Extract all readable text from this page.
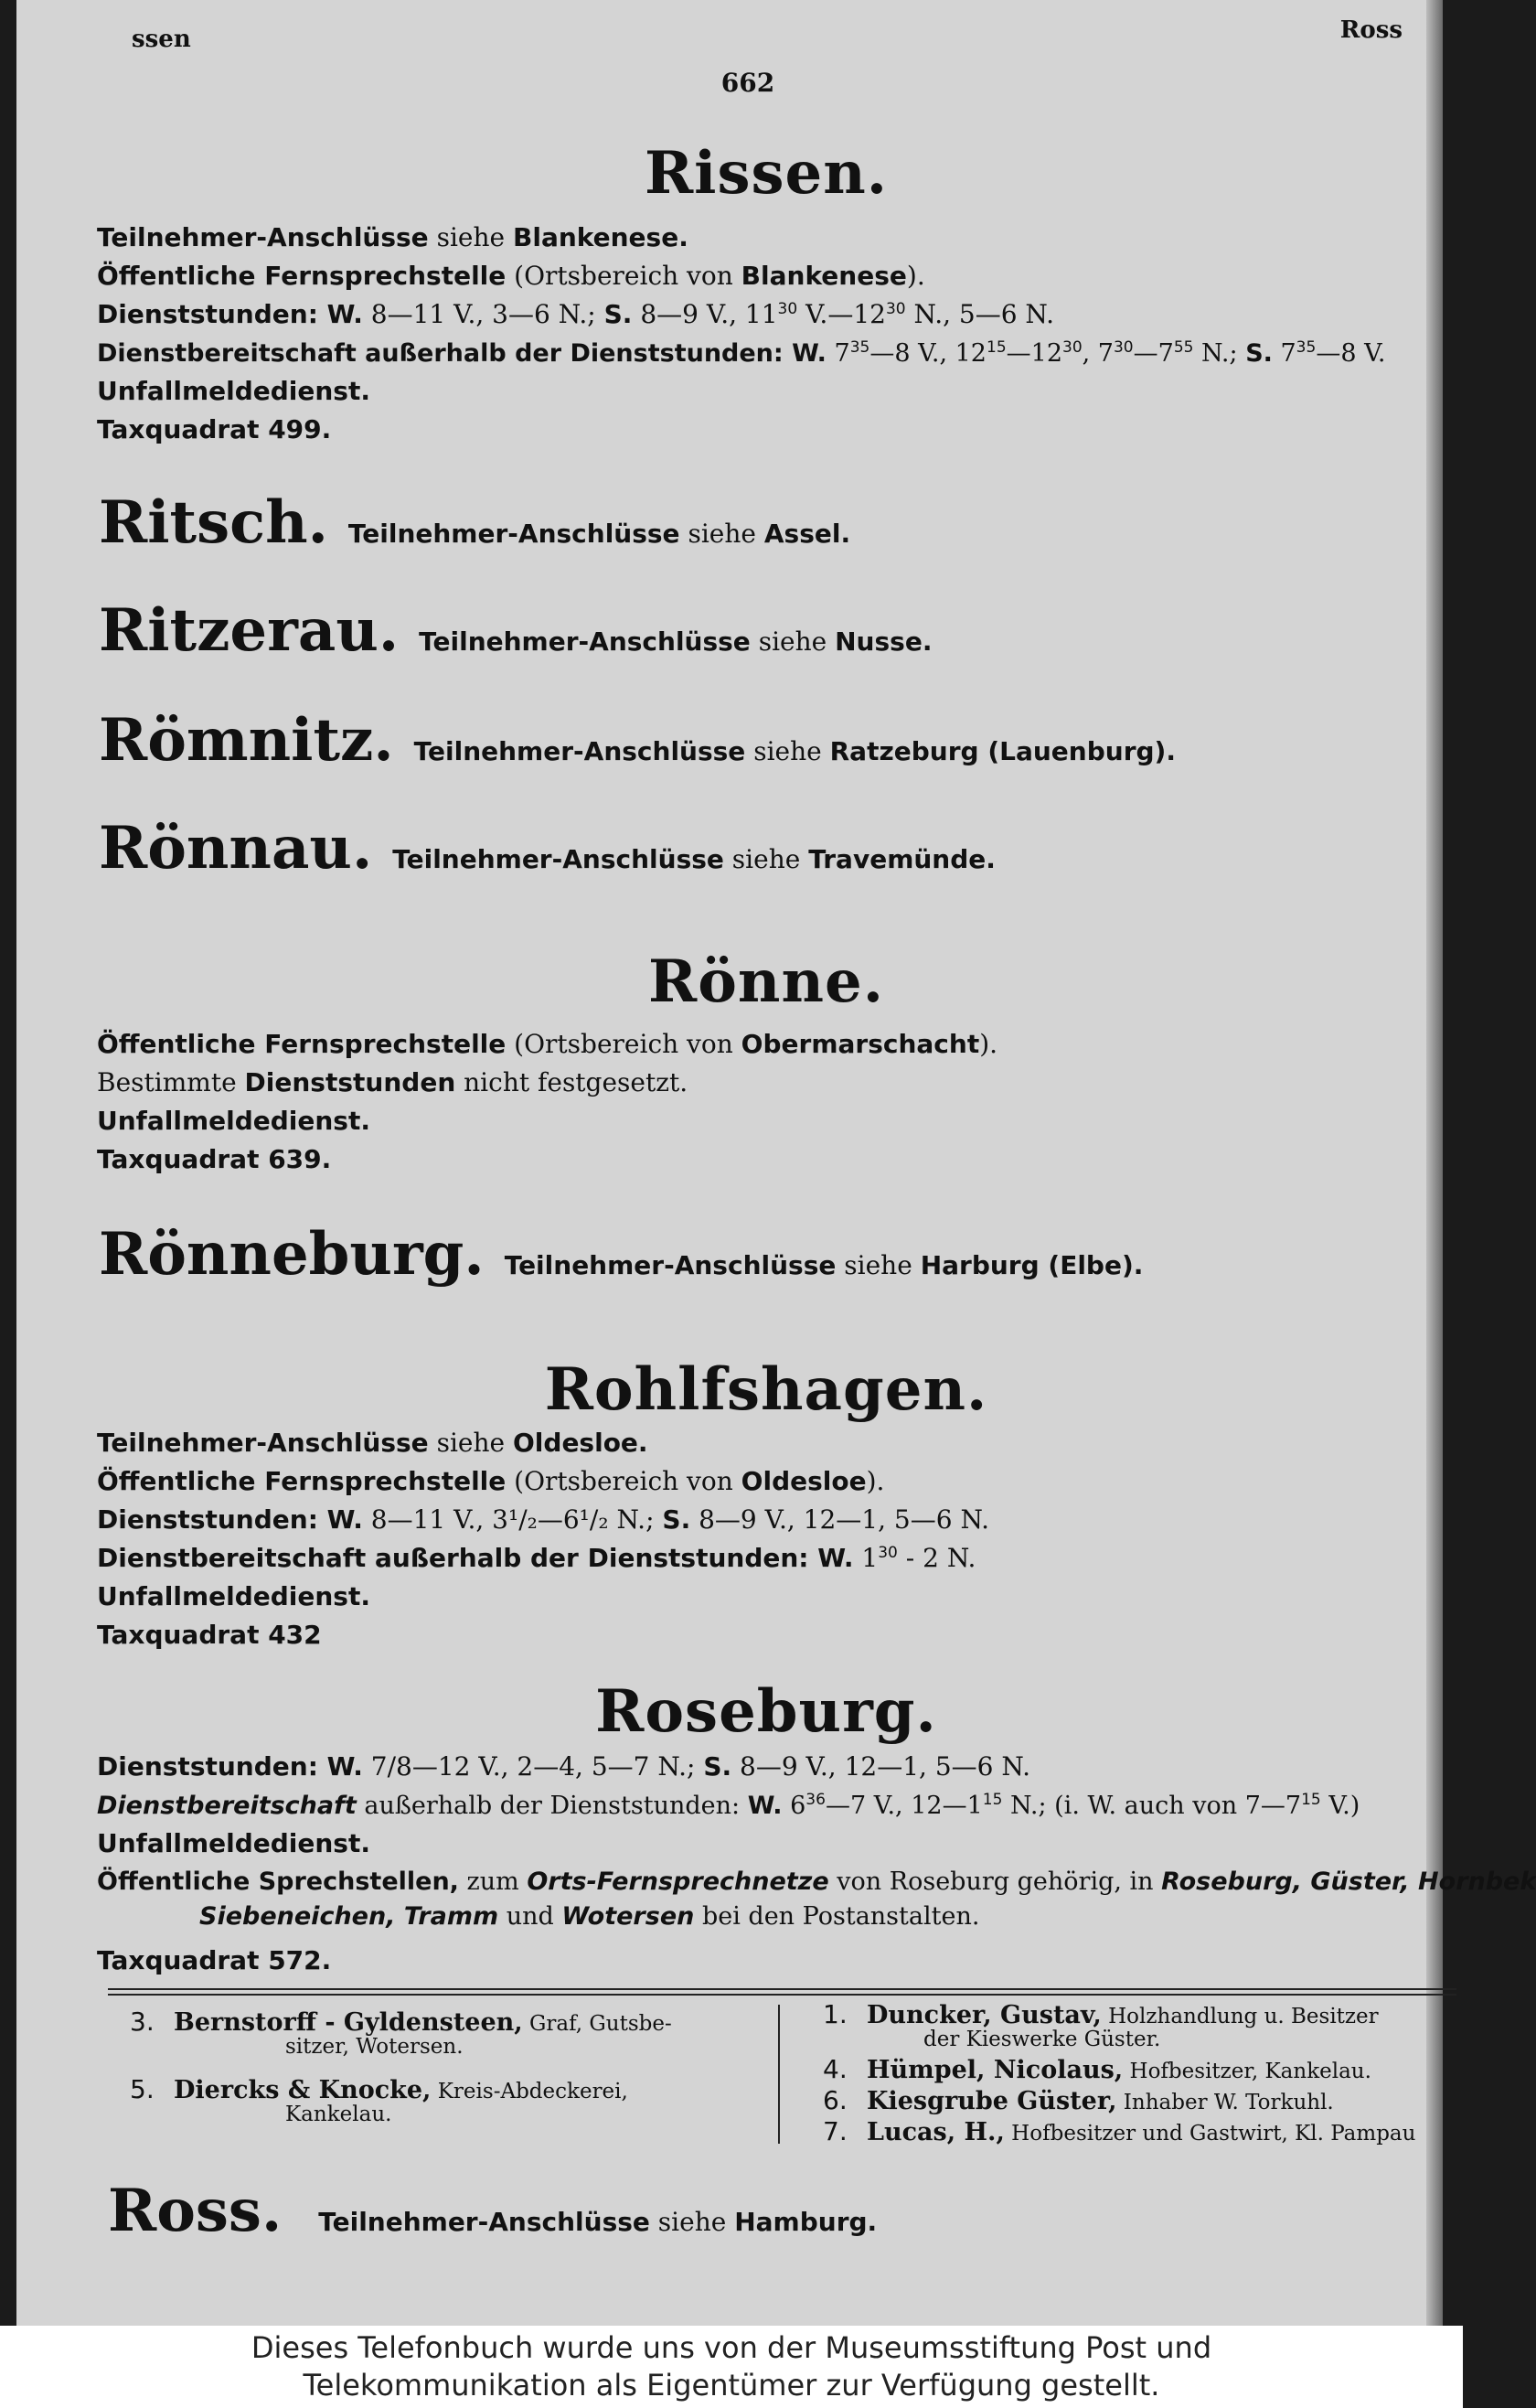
ssen	Ross
662
Rissen.
Teilnehmer-Anschlüsse siehe Blankenese.
Öffentliche Fernsprechstelle (Ortsbereich von Blankenese).
Dienststunden: W. 8—11 V., 3—6 N.; S. 8—9 V., $11^{30}$ $V.—12^{30}$ N., 5—6 N.
Dienstbereitschaft außerhalb der Dienststunden: W. $7^{35}—8$ V., $12^{15}—12^{30}$, $7^{30}—7^{55}$ N.; S. $7^{35}—8$ V.
Unfallmeldedienst.
Taxquadrat 499.
Ritsch. Teilnehmer-Anschlüsse siehe Assel.
Ritzerau. Teilnehmer-Anschlüsse siehe Nusse.
Römnitz. Teilnehmer-Anschlüsse siehe Ratzeburg (Lauenburg).
Rönnau. Teilnehmer-Anschlüsse siehe Travemünde.
Rönne.
Öffentliche Fernsprechstelle (Ortsbereich von Obermarschacht).
Bestimmte Dienststunden nicht festgesetzt.
Unfallmeldedienst.
Taxquadrat 639.
Rönneburg. Teilnehmer-Anschlüsse siehe Harburg (Elbe).
Rohlfshagen.
Teilnehmer-Anschlüsse siehe Oldesloe.
Öffentliche Fernsprechstelle (Ortsbereich von Oldesloe).
Dienststunden: W. 8—11 V., 3¹/₂—6¹/₂ N.; S. 8—9 V., 12—1, 5—6 N.
Dienstbereitschaft außerhalb der Dienststunden: W. $1^{30} - 2$ N.
Unfallmeldedienst.
Taxquadrat 432
Roseburg.
Dienststunden: W. 7/8—12 V., 2—4, 5—7 N.; S. 8—9 V., 12—1, 5—6 N.
Dienstbereitschaft außerhalb der Dienststunden: W. $6^{36}—7$ V., $12—1^{15}$ N.; (i. W. auch von $7—7^{15}$ V.)
Unfallmeldedienst.
Öffentliche Sprechstellen, zum Orts-Fernsprechnetze von Roseburg gehörig, in Roseburg, Güster, Hornbek
Siebeneichen, Tramm und Wotersen bei den Postanstalten.
Taxquadrat 572.
3. Bernstorff - Gyldensteen, Graf, Gutsbe-
sitzer, Wotersen.
5. Diercks & Knocke, Kreis-Abdeckerei,
Kankelau.
1. Duncker, Gustav, Holzhandlung u. Besitzer
der Kieswerke Güster.
4. Hümpel, Nicolaus, Hofbesitzer, Kankelau.
6. Kiesgrube Güster, Inhaber W. Torkuhl.
7. Lucas, H., Hofbesitzer und Gastwirt, Kl. Pampau
Ross. Teilnehmer-Anschlüsse siehe Hamburg.
Dieses Telefonbuch wurde uns von der Museumsstiftung Post und
Telekommunikation als Eigentümer zur Verfügung gestellt.
